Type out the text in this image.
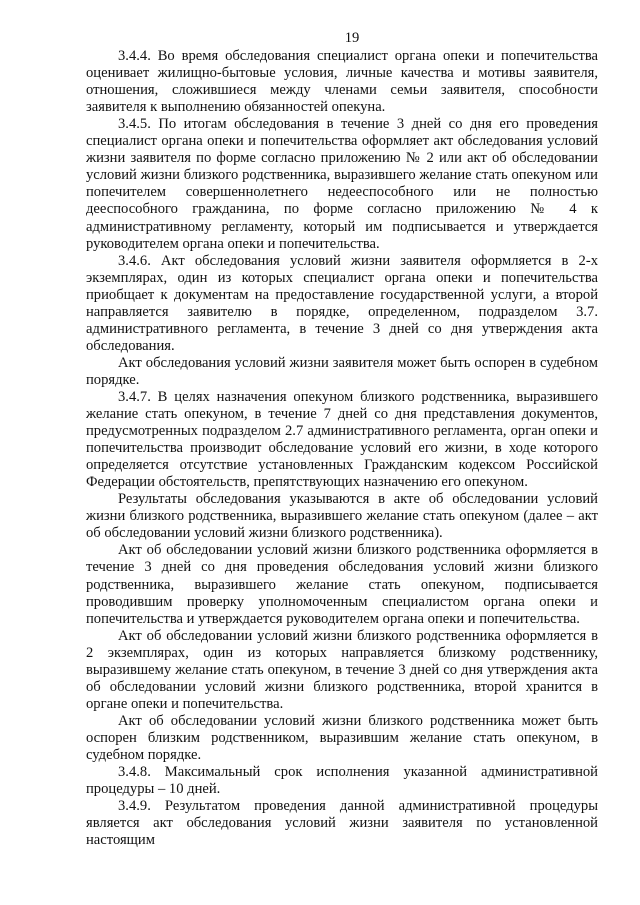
19

3.4.4. Во время обследования специалист органа опеки и попечительства оценивает жилищно-бытовые условия, личные качества и мотивы заявителя, отношения, сложившиеся между членами семьи заявителя, способности заявителя к выполнению обязанностей опекуна.

3.4.5. По итогам обследования в течение 3 дней со дня его проведения специалист органа опеки и попечительства оформляет акт обследования условий жизни заявителя по форме согласно приложению № 2 или акт об обследовании условий жизни близкого родственника, выразившего желание стать опекуном или попечителем совершеннолетнего недееспособного или не полностью дееспособного гражданина, по форме согласно приложению № 4 к административному регламенту, который им подписывается и утверждается руководителем органа опеки и попечительства.

3.4.6. Акт обследования условий жизни заявителя оформляется в 2-х экземплярах, один из которых специалист органа опеки и попечительства приобщает к документам на предоставление государственной услуги, а второй направляется заявителю в порядке, определенном, подразделом 3.7. административного регламента, в течение 3 дней со дня утверждения акта обследования.

Акт обследования условий жизни заявителя может быть оспорен в судебном порядке.

3.4.7. В целях назначения опекуном близкого родственника, выразившего желание стать опекуном, в течение 7 дней со дня представления документов, предусмотренных подразделом 2.7 административного регламента, орган опеки и попечительства производит обследование условий его жизни, в ходе которого определяется отсутствие установленных Гражданским кодексом Российской Федерации обстоятельств, препятствующих назначению его опекуном.

Результаты обследования указываются в акте об обследовании условий жизни близкого родственника, выразившего желание стать опекуном (далее – акт об обследовании условий жизни близкого родственника).

Акт об обследовании условий жизни близкого родственника оформляется в течение 3 дней со дня проведения обследования условий жизни близкого родственника, выразившего желание стать опекуном, подписывается проводившим проверку уполномоченным специалистом органа опеки и попечительства и утверждается руководителем органа опеки и попечительства.

Акт об обследовании условий жизни близкого родственника оформляется в 2 экземплярах, один из которых направляется близкому родственнику, выразившему желание стать опекуном, в течение 3 дней со дня утверждения акта об обследовании условий жизни близкого родственника, второй хранится в органе опеки и попечительства.

Акт об обследовании условий жизни близкого родственника может быть оспорен близким родственником, выразившим желание стать опекуном, в судебном порядке.

3.4.8. Максимальный срок исполнения указанной административной процедуры – 10 дней.

3.4.9. Результатом проведения данной административной процедуры является акт обследования условий жизни заявителя по установленной настоящим
